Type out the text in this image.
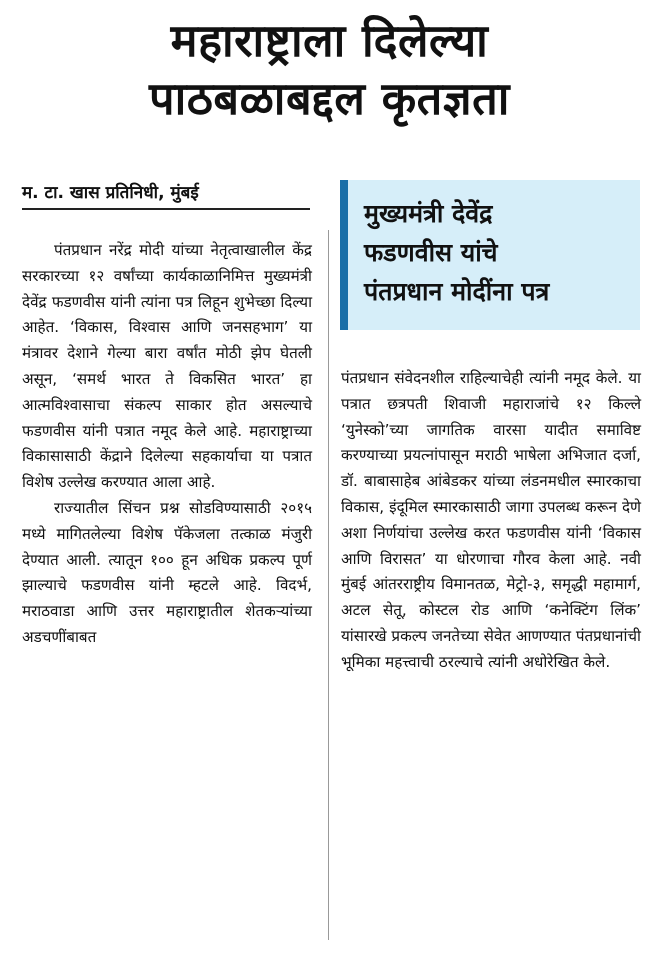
महाराष्ट्राला दिलेल्या
पाठबळाबद्दल कृतज्ञता
म. टा. खास प्रतिनिधी, मुंबई
मुख्यमंत्री देवेंद्र
फडणवीस यांचे
पंतप्रधान मोदींना पत्र

पंतप्रधान नरेंद्र मोदी यांच्या नेतृत्वाखालील केंद्र सरकारच्या १२ वर्षांच्या कार्यकाळानिमित्त मुख्यमंत्री देवेंद्र फडणवीस यांनी त्यांना पत्र लिहून शुभेच्छा दिल्या आहेत. ‘विकास, विश्वास आणि जनसहभाग’ या मंत्रावर देशाने गेल्या बारा वर्षांत मोठी झेप घेतली असून, ‘समर्थ भारत ते विकसित भारत’ हा आत्मविश्वासाचा संकल्प साकार होत असल्याचे फडणवीस यांनी पत्रात नमूद केले आहे. महाराष्ट्राच्या विकासासाठी केंद्राने दिलेल्या सहकार्याचा या पत्रात विशेष उल्लेख करण्यात आला आहे.

राज्यातील सिंचन प्रश्न सोडविण्यासाठी २०१५ मध्ये मागितलेल्या विशेष पॅकेजला तत्काळ मंजुरी देण्यात आली. त्यातून १०० हून अधिक प्रकल्प पूर्ण झाल्याचे फडणवीस यांनी म्हटले आहे. विदर्भ, मराठवाडा आणि उत्तर महाराष्ट्रातील शेतकऱ्यांच्या अडचणींबाबत

पंतप्रधान संवेदनशील राहिल्याचेही त्यांनी नमूद केले. या पत्रात छत्रपती शिवाजी महाराजांचे १२ किल्ले ‘युनेस्को’च्या जागतिक वारसा यादीत समाविष्ट करण्याच्या प्रयत्नांपासून मराठी भाषेला अभिजात दर्जा, डॉ. बाबासाहेब आंबेडकर यांच्या लंडनमधील स्मारकाचा विकास, इंदूमिल स्मारकासाठी जागा उपलब्ध करून देणे अशा निर्णयांचा उल्लेख करत फडणवीस यांनी ‘विकास आणि विरासत’ या धोरणाचा गौरव केला आहे. नवी मुंबई आंतरराष्ट्रीय विमानतळ, मेट्रो-३, समृद्धी महामार्ग, अटल सेतू, कोस्टल रोड आणि ‘कनेक्टिंग लिंक’ यांसारखे प्रकल्प जनतेच्या सेवेत आणण्यात पंतप्रधानांची भूमिका महत्त्वाची ठरल्याचे त्यांनी अधोरेखित केले.
